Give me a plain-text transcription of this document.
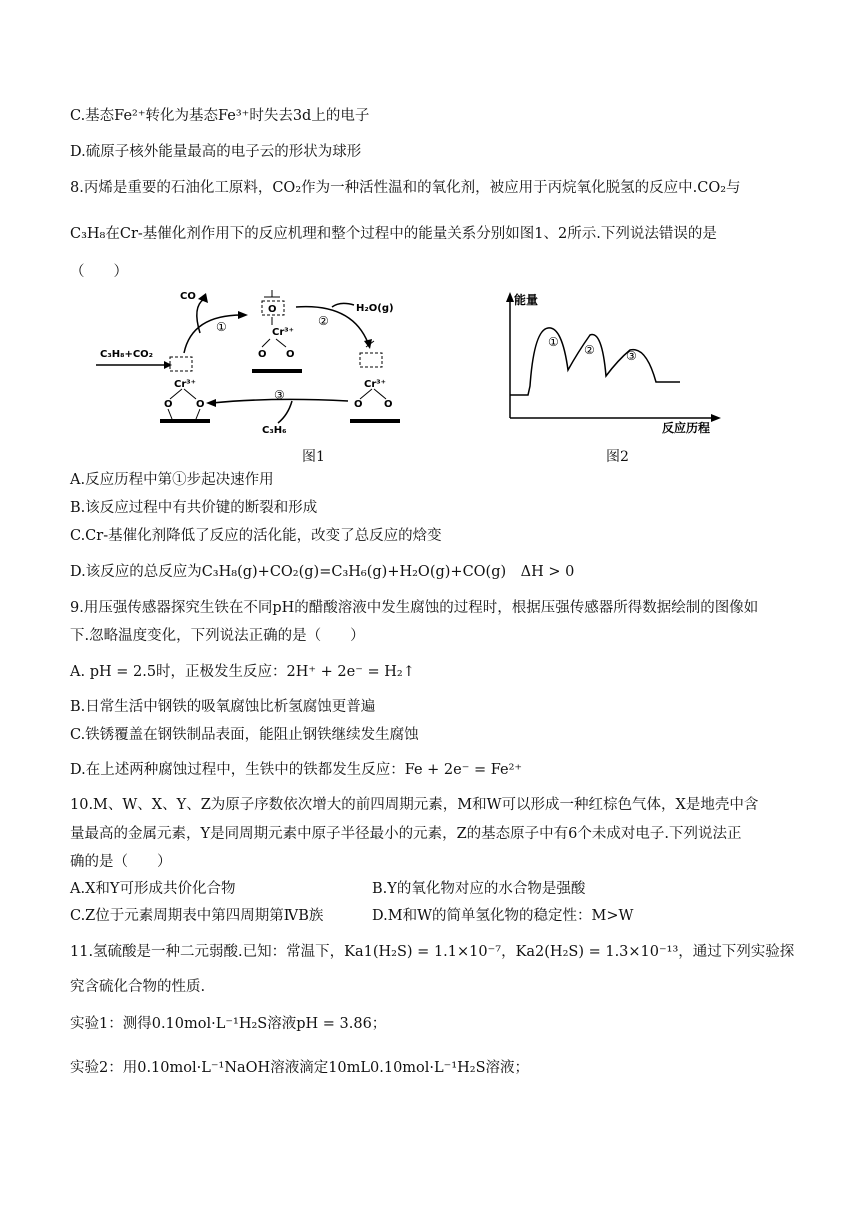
C.基态Fe²⁺转化为基态Fe³⁺时失去3d上的电子
D.硫原子核外能量最高的电子云的形状为球形
8.丙烯是重要的石油化工原料，CO₂作为一种活性温和的氧化剂，被应用于丙烷氧化脱氢的反应中.CO₂与
C₃H₈在Cr-基催化剂作用下的反应机理和整个过程中的能量关系分别如图1、2所示.下列说法错误的是
（　　）
Cr³⁺
O O
O
Cr³⁺
O O
Cr³⁺
O O
C₃H₈+CO₂
CO
①
H₂O(g)
②
③
C₃H₆
能量
反应历程
①
②	③
图1	图2
A.反应历程中第①步起决速作用
B.该反应过程中有共价键的断裂和形成
C.Cr-基催化剂降低了反应的活化能，改变了总反应的焓变
D.该反应的总反应为C₃H₈(g)+CO₂(g)=C₃H₆(g)+H₂O(g)+CO(g)　ΔH > 0
9.用压强传感器探究生铁在不同pH的醋酸溶液中发生腐蚀的过程时，根据压强传感器所得数据绘制的图像如
下.忽略温度变化，下列说法正确的是（　　）
A. pH = 2.5时，正极发生反应：2H⁺ + 2e⁻ = H₂↑
B.日常生活中钢铁的吸氧腐蚀比析氢腐蚀更普遍
C.铁锈覆盖在钢铁制品表面，能阻止钢铁继续发生腐蚀
D.在上述两种腐蚀过程中，生铁中的铁都发生反应：Fe + 2e⁻ = Fe²⁺
10.M、W、X、Y、Z为原子序数依次增大的前四周期元素，M和W可以形成一种红棕色气体，X是地壳中含
量最高的金属元素，Y是同周期元素中原子半径最小的元素，Z的基态原子中有6个未成对电子.下列说法正
确的是（　　）
A.X和Y可形成共价化合物	B.Y的氧化物对应的水合物是强酸
C.Z位于元素周期表中第四周期第ⅣB族	D.M和W的简单氢化物的稳定性：M>W
11.氢硫酸是一种二元弱酸.已知：常温下，Ka1(H₂S) = 1.1×10⁻⁷，Ka2(H₂S) = 1.3×10⁻¹³，通过下列实验探
究含硫化合物的性质.
实验1：测得0.10mol·L⁻¹H₂S溶液pH = 3.86；
实验2：用0.10mol·L⁻¹NaOH溶液滴定10mL0.10mol·L⁻¹H₂S溶液；
